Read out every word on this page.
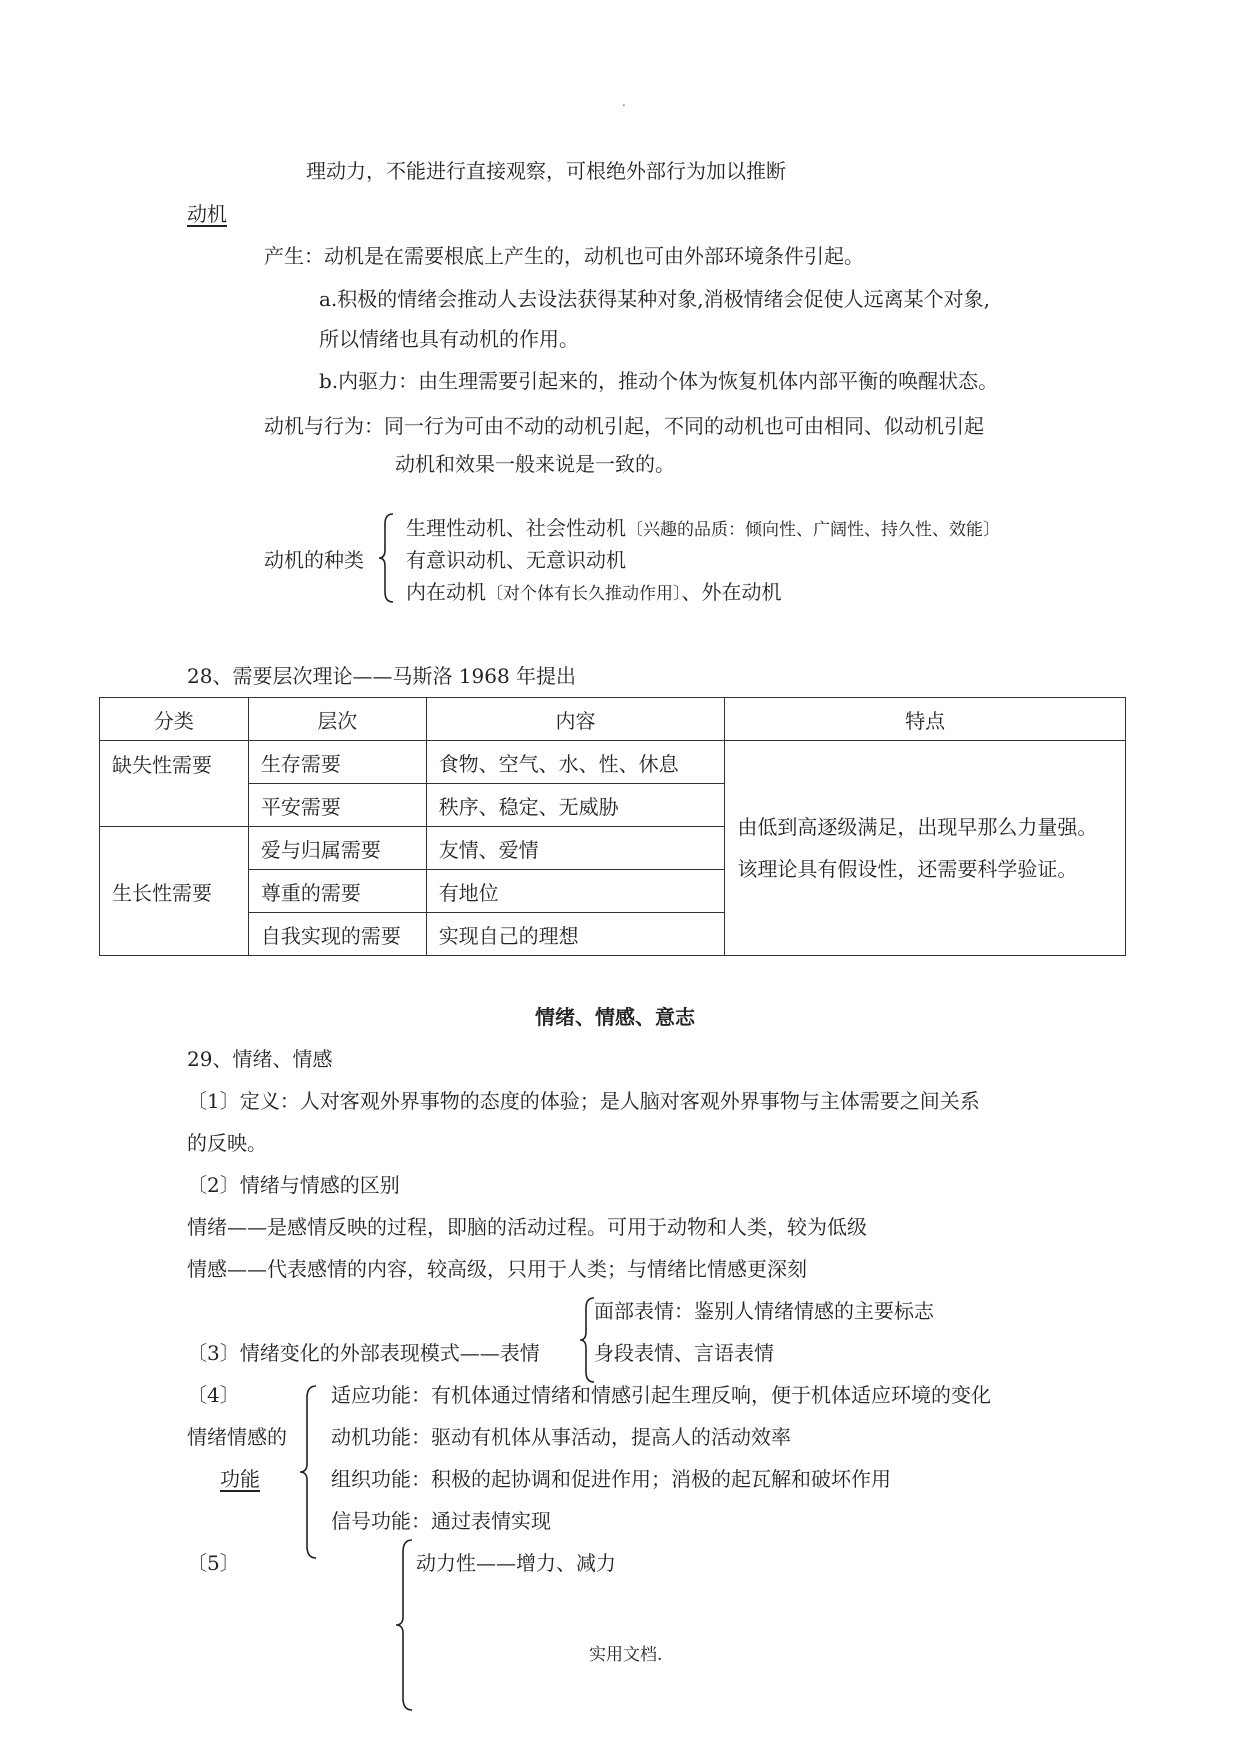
.
理动力，不能进行直接观察，可根绝外部行为加以推断
动机
产生：动机是在需要根底上产生的，动机也可由外部环境条件引起。
a.积极的情绪会推动人去设法获得某种对象,消极情绪会促使人远离某个对象,
所以情绪也具有动机的作用。
b.内驱力：由生理需要引起来的，推动个体为恢复机体内部平衡的唤醒状态。
动机与行为：同一行为可由不动的动机引起，不同的动机也可由相同、似动机引起
动机和效果一般来说是一致的。
动机的种类
生理性动机、社会性动机〔兴趣的品质：倾向性、广阔性、持久性、效能〕
有意识动机、无意识动机
内在动机〔对个体有长久推动作用〕、外在动机
28、需要层次理论——马斯洛 1968 年提出
分类	层次	内容	特点
缺失性需要	生存需要	食物、空气、水、性、休息	由低到高逐级满足，出现早那么力量强。
该理论具有假设性，还需要科学验证。

	平安需要	秩序、稳定、无威胁	
生长性需要	爱与归属需要	友情、爱情	
	尊重的需要	有地位	
	自我实现的需要	实现自己的理想	
情绪、情感、意志
29、情绪、情感
〔1〕定义：人对客观外界事物的态度的体验；是人脑对客观外界事物与主体需要之间关系
的反映。
〔2〕情绪与情感的区别
情绪——是感情反映的过程，即脑的活动过程。可用于动物和人类，较为低级
情感——代表感情的内容，较高级，只用于人类；与情绪比情感更深刻
〔3〕情绪变化的外部表现模式——表情
面部表情：鉴别人情绪情感的主要标志
身段表情、言语表情
〔4〕
情绪情感的
功能
适应功能：有机体通过情绪和情感引起生理反响，便于机体适应环境的变化
动机功能：驱动有机体从事活动，提高人的活动效率
组织功能：积极的起协调和促进作用；消极的起瓦解和破坏作用
信号功能：通过表情实现
〔5〕	动力性——增力、减力
实用文档.
